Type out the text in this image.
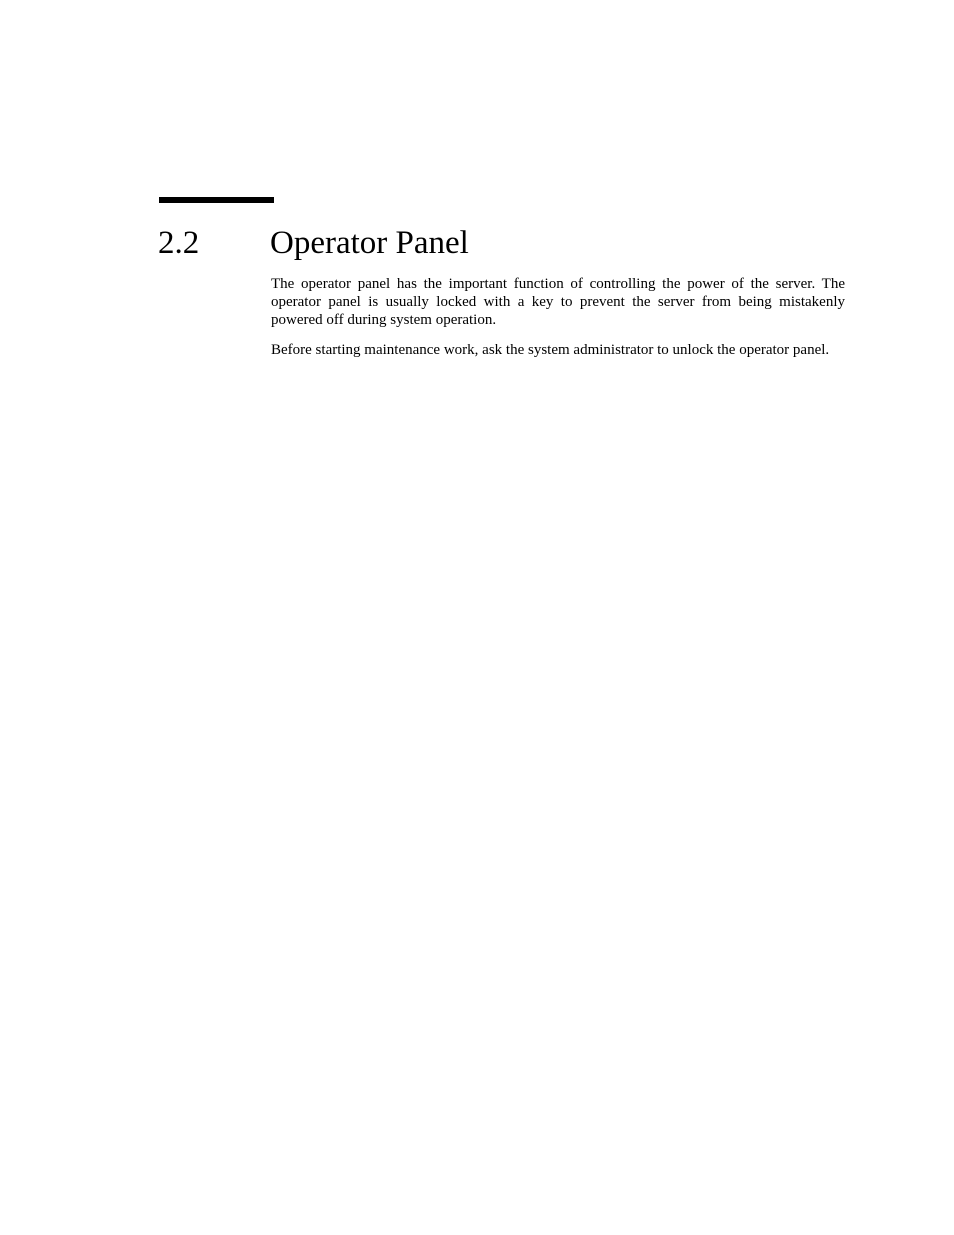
2.2 Operator Panel

The operator panel has the important function of controlling the power of the server. The operator panel is usually locked with a key to prevent the server from being mistakenly powered off during system operation.

Before starting maintenance work, ask the system administrator to unlock the operator panel.
